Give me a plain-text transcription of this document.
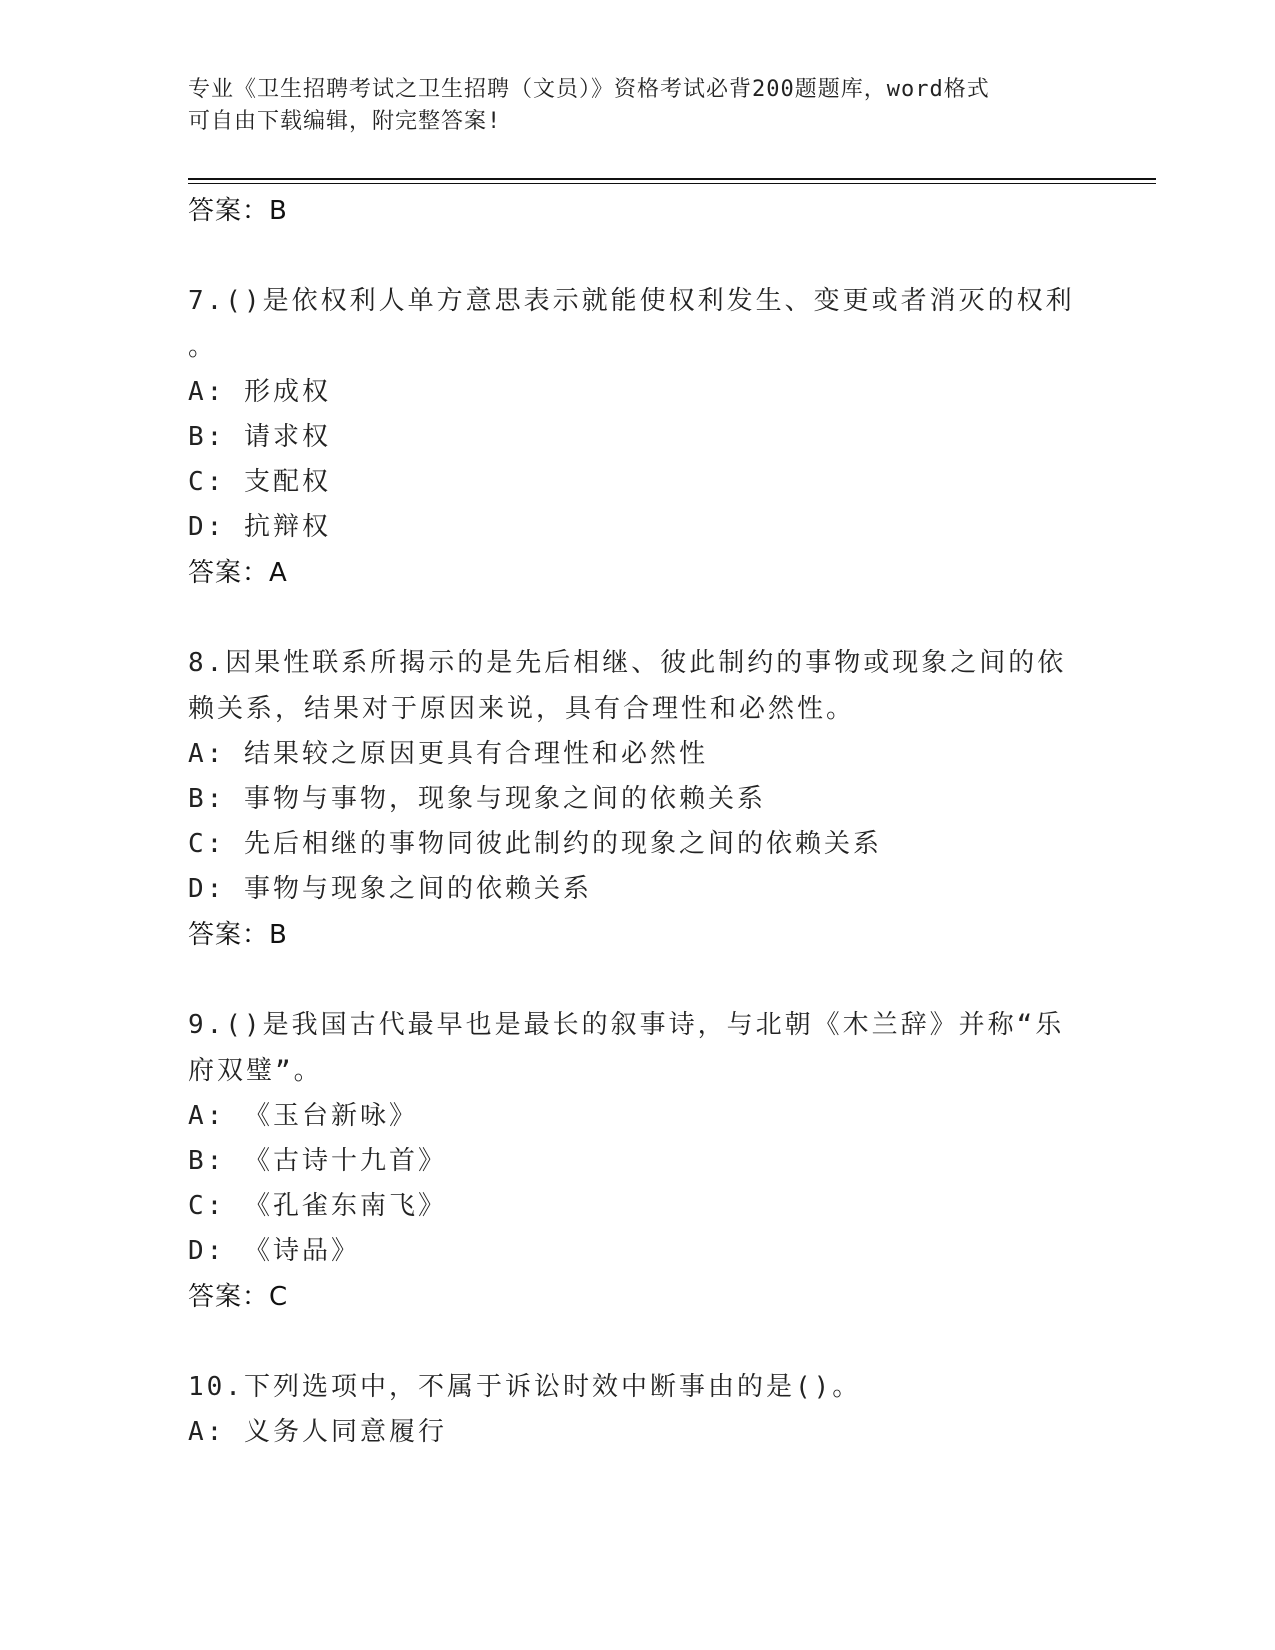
专业《卫生招聘考试之卫生招聘（文员）》资格考试必背200题题库，word格式
可自由下载编辑，附完整答案!
答案：B
7.()是依权利人单方意思表示就能使权利发生、变更或者消灭的权利
。
A: 形成权
B: 请求权
C: 支配权
D: 抗辩权
答案：A
8.因果性联系所揭示的是先后相继、彼此制约的事物或现象之间的依
赖关系，结果对于原因来说，具有合理性和必然性。
A: 结果较之原因更具有合理性和必然性
B: 事物与事物，现象与现象之间的依赖关系
C: 先后相继的事物同彼此制约的现象之间的依赖关系
D: 事物与现象之间的依赖关系
答案：B
9.()是我国古代最早也是最长的叙事诗，与北朝《木兰辞》并称“乐
府双璧”。
A: 《玉台新咏》
B: 《古诗十九首》
C: 《孔雀东南飞》
D: 《诗品》
答案：C
10.下列选项中，不属于诉讼时效中断事由的是()。
A: 义务人同意履行
